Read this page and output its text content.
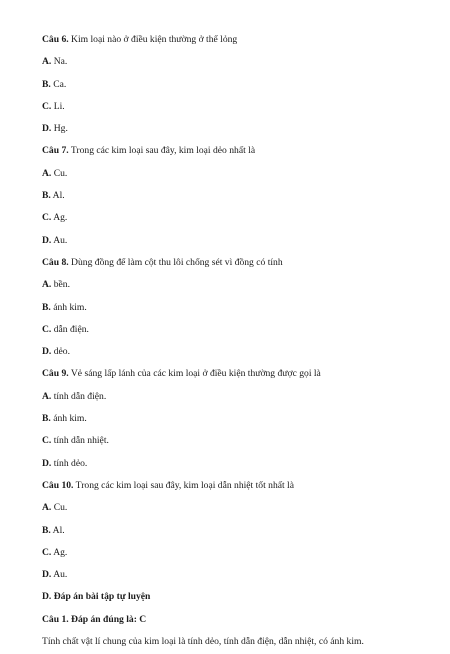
Câu 6. Kim loại nào ở điều kiện thường ở thể lỏng
A. Na.
B. Ca.
C. Li.
D. Hg.
Câu 7. Trong các kim loại sau đây, kim loại dẻo nhất là
A. Cu.
B. Al.
C. Ag.
D. Au.
Câu 8. Dùng đồng để làm cột thu lôi chống sét vì đồng có tính
A. bền.
B. ánh kim.
C. dẫn điện.
D. dẻo.
Câu 9. Vẻ sáng lấp lánh của các kim loại ở điều kiện thường được gọi là
A. tính dẫn điện.
B. ánh kim.
C. tính dẫn nhiệt.
D. tính dẻo.
Câu 10. Trong các kim loại sau đây, kim loại dẫn nhiệt tốt nhất là
A. Cu.
B. Al.
C. Ag.
D. Au.
D. Đáp án bài tập tự luyện
Câu 1. Đáp án đúng là: C
Tính chất vật lí chung của kim loại là tính dẻo, tính dẫn điện, dẫn nhiệt, có ánh kim.
